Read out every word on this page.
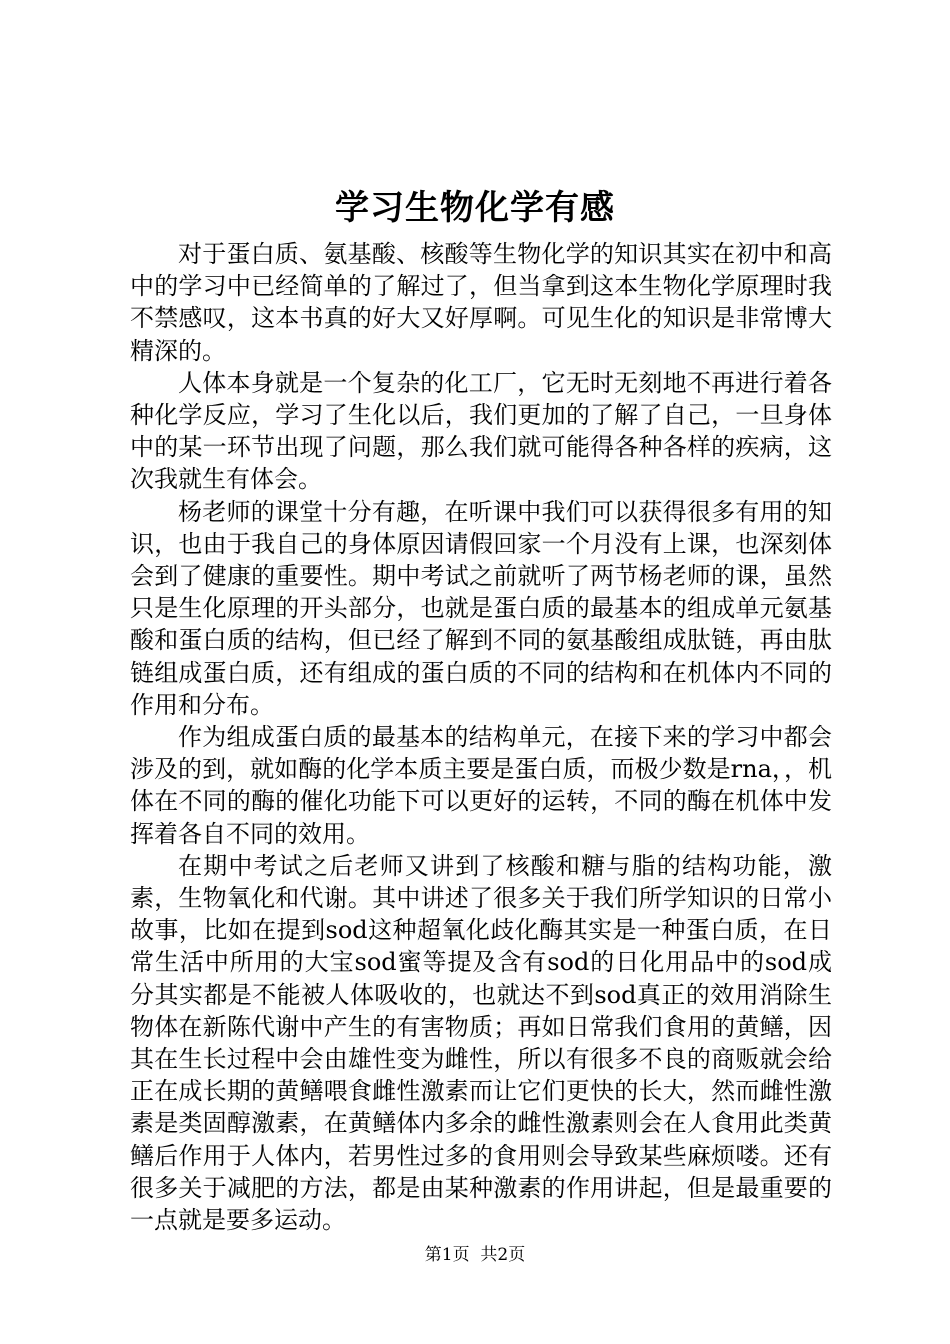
学习生物化学有感

对于蛋白质、氨基酸、核酸等生物化学的知识其实在初中和高中的学习中已经简单的了解过了，但当拿到这本生物化学原理时我不禁感叹，这本书真的好大又好厚啊。可见生化的知识是非常博大精深的。

人体本身就是一个复杂的化工厂，它无时无刻地不再进行着各种化学反应，学习了生化以后，我们更加的了解了自己，一旦身体中的某一环节出现了问题，那么我们就可能得各种各样的疾病，这次我就生有体会。

杨老师的课堂十分有趣，在听课中我们可以获得很多有用的知识，也由于我自己的身体原因请假回家一个月没有上课，也深刻体会到了健康的重要性。期中考试之前就听了两节杨老师的课，虽然只是生化原理的开头部分，也就是蛋白质的最基本的组成单元氨基酸和蛋白质的结构，但已经了解到不同的氨基酸组成肽链，再由肽链组成蛋白质，还有组成的蛋白质的不同的结构和在机体内不同的作用和分布。

作为组成蛋白质的最基本的结构单元，在接下来的学习中都会涉及的到，就如酶的化学本质主要是蛋白质，而极少数是rna，，机体在不同的酶的催化功能下可以更好的运转，不同的酶在机体中发挥着各自不同的效用。

在期中考试之后老师又讲到了核酸和糖与脂的结构功能，激素，生物氧化和代谢。其中讲述了很多关于我们所学知识的日常小故事，比如在提到sod这种超氧化歧化酶其实是一种蛋白质，在日常生活中所用的大宝sod蜜等提及含有sod的日化用品中的sod成分其实都是不能被人体吸收的，也就达不到sod真正的效用消除生物体在新陈代谢中产生的有害物质；再如日常我们食用的黄鳝，因其在生长过程中会由雄性变为雌性，所以有很多不良的商贩就会给正在成长期的黄鳝喂食雌性激素而让它们更快的长大，然而雌性激素是类固醇激素，在黄鳝体内多余的雌性激素则会在人食用此类黄鳝后作用于人体内，若男性过多的食用则会导致某些麻烦喽。还有很多关于减肥的方法，都是由某种激素的作用讲起，但是最重要的一点就是要多运动。

第1页 共2页
